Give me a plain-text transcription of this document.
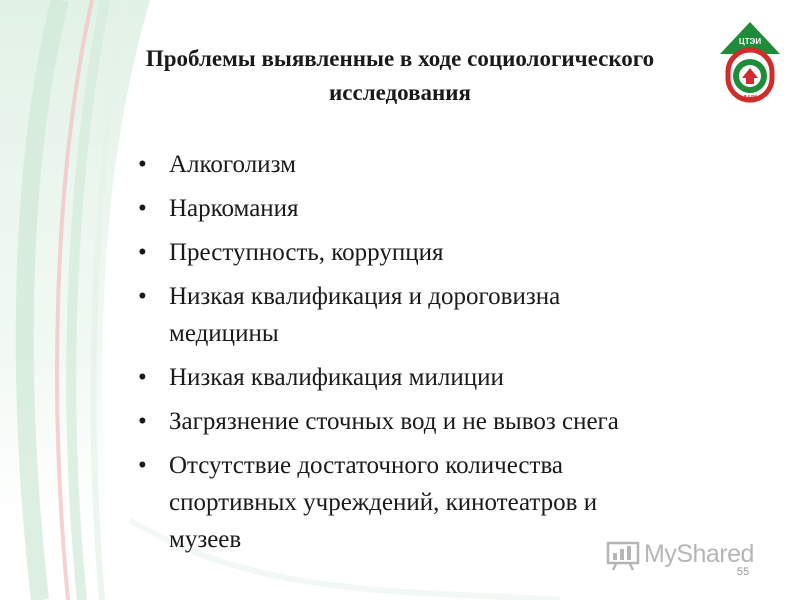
Проблемы выявленные в ходе социологического
исследования
ЦТЭИ
АНК
• Алкоголизм
• Наркомания
• Преступность, коррупция
• Низкая квалификация и дороговизна
медицины
• Низкая квалификация милиции
• Загрязнение сточных вод и не вывоз снега
• Отсутствие достаточного количества
спортивных учреждений, кинотеатров и
музеев	MyShared
55
